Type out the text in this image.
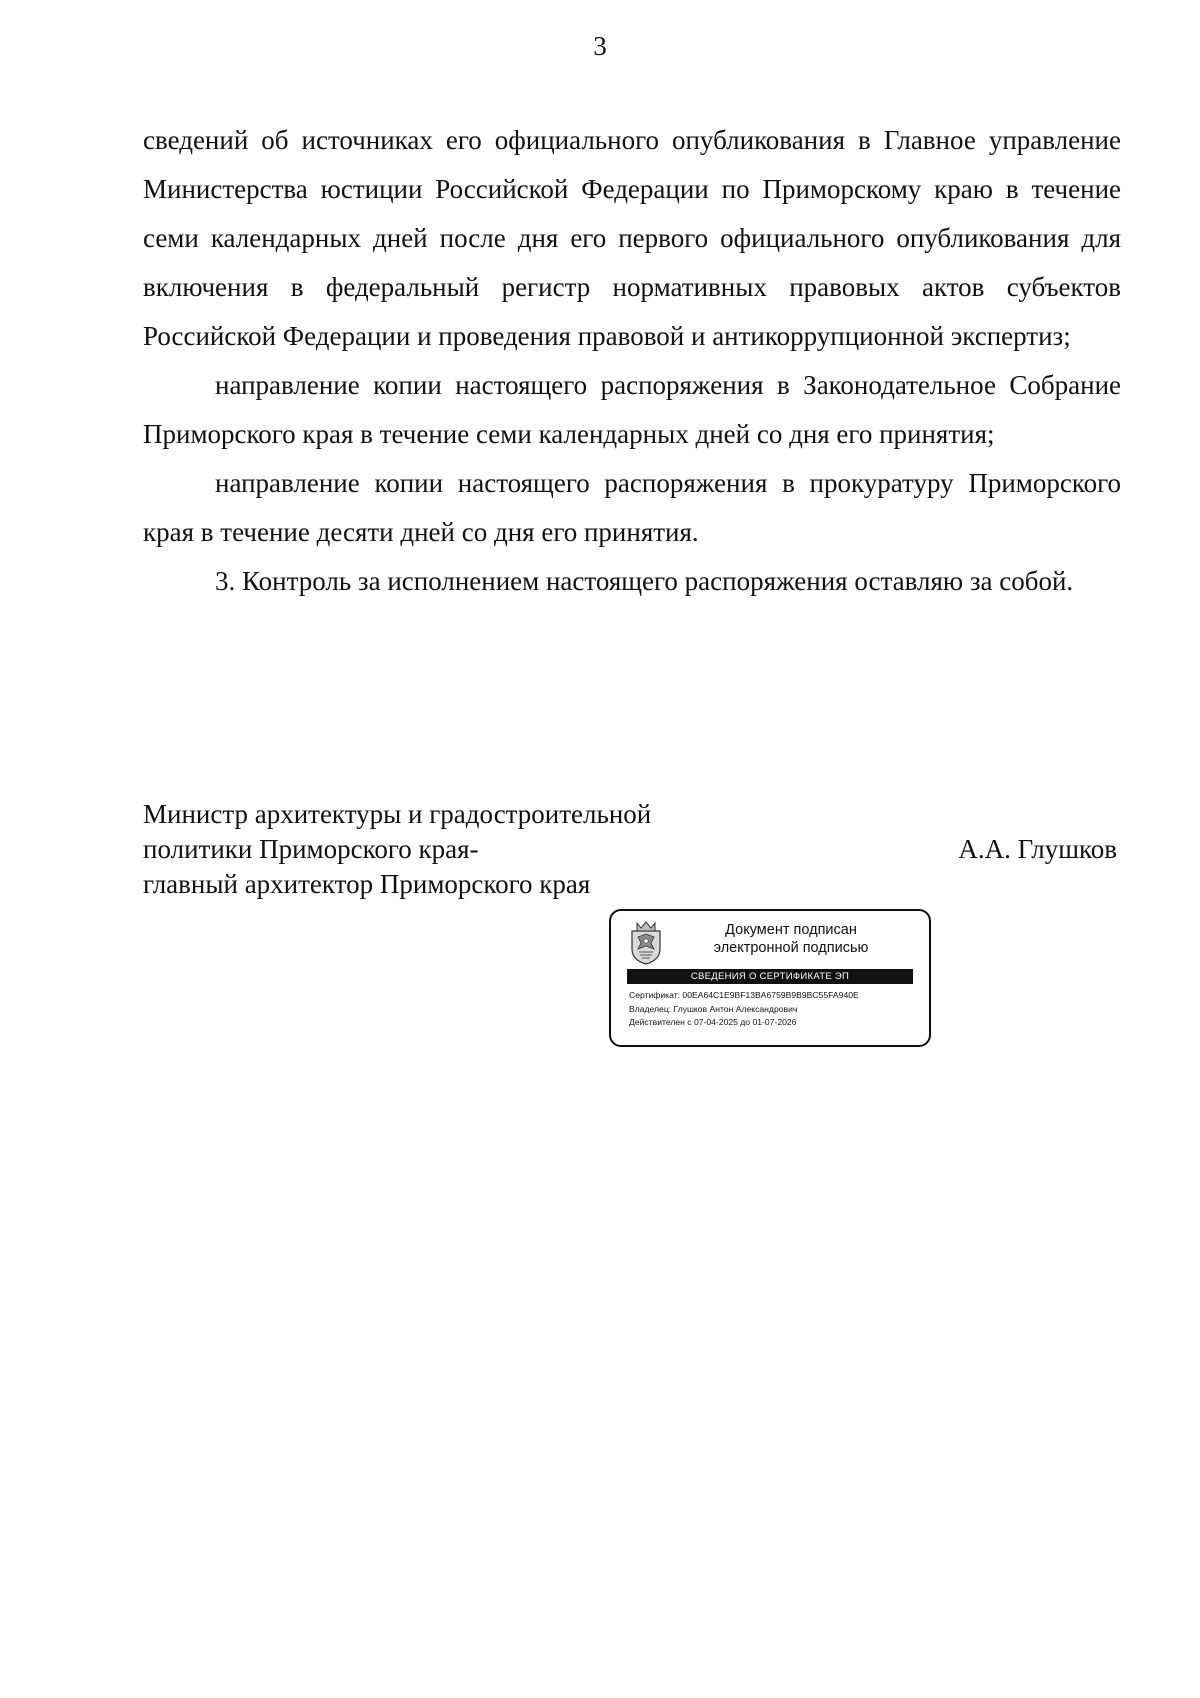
3

сведений об источниках его официального опубликования в Главное управление Министерства юстиции Российской Федерации по Приморскому краю в течение семи календарных дней после дня его первого официального опубликования для включения в федеральный регистр нормативных правовых актов субъектов Российской Федерации и проведения правовой и антикоррупционной экспертиз;

направление копии настоящего распоряжения в Законодательное Собрание Приморского края в течение семи календарных дней со дня его принятия;

направление копии настоящего распоряжения в прокуратуру Приморского края в течение десяти дней со дня его принятия.

3. Контроль за исполнением настоящего распоряжения оставляю за собой.

Министр архитектуры и градостроительной
политики Приморского края-
главный архитектор Приморского края
А.А. Глушков
Документ подписан
электронной подписью
СВЕДЕНИЯ О СЕРТИФИКАТЕ ЭП
Сертификат: 00EA64C1E9BF13BA6759B9B9BC55FA940E
Владелец: Глушков Антон Александрович
Действителен с 07-04-2025 до 01-07-2026
